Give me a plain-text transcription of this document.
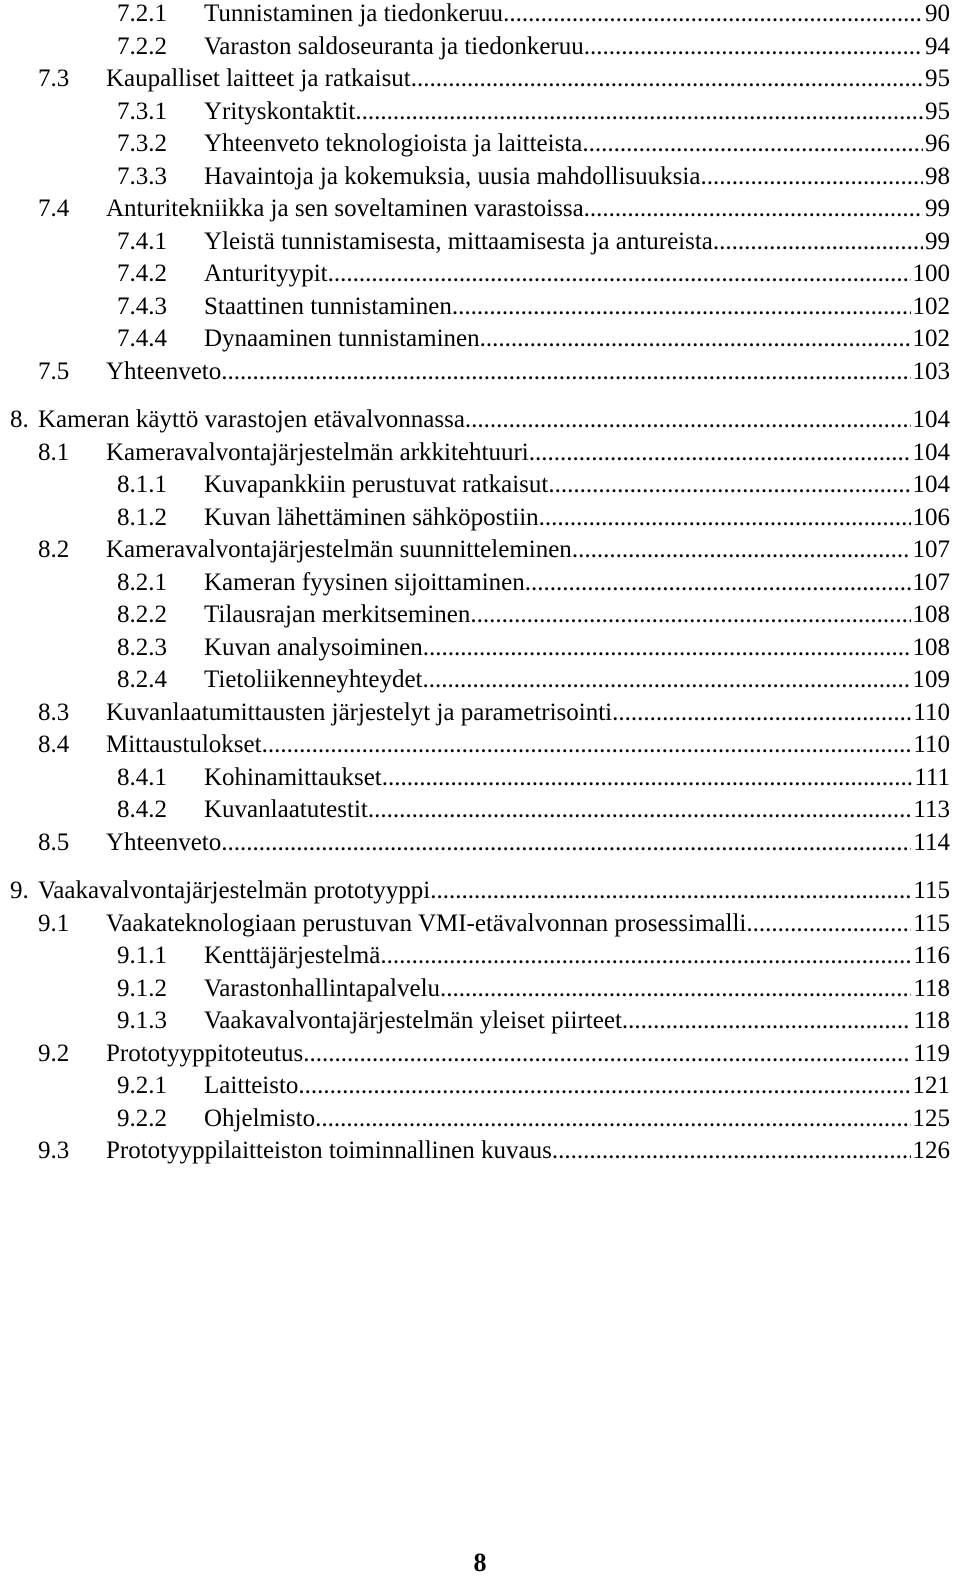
7.2.1 Tunnistaminen ja tiedonkeruu .....	90
7.2.2 Varaston saldoseuranta ja tiedonkeruu .....	94
7.3 Kaupalliset laitteet ja ratkaisut .....	95
7.3.1 Yrityskontaktit .....	95
7.3.2 Yhteenveto teknologioista ja laitteista .....	96
7.3.3 Havaintoja ja kokemuksia, uusia mahdollisuuksia .....	98
7.4 Anturitekniikka ja sen soveltaminen varastoissa .....	99
7.4.1 Yleistä tunnistamisesta, mittaamisesta ja antureista .....	99
7.4.2 Anturityypit .....	100
7.4.3 Staattinen tunnistaminen .....	102
7.4.4 Dynaaminen tunnistaminen .....	102
7.5 Yhteenveto .....	103
8. Kameran käyttö varastojen etävalvonnassa .....	104
8.1 Kameravalvontajärjestelmän arkkitehtuuri .....	104
8.1.1 Kuvapankkiin perustuvat ratkaisut .....	104
8.1.2 Kuvan lähettäminen sähköpostiin .....	106
8.2 Kameravalvontajärjestelmän suunnitteleminen .....	107
8.2.1 Kameran fyysinen sijoittaminen .....	107
8.2.2 Tilausrajan merkitseminen .....	108
8.2.3 Kuvan analysoiminen .....	108
8.2.4 Tietoliikenneyhteydet .....	109
8.3 Kuvanlaatumittausten järjestelyt ja parametrisointi .....	110
8.4 Mittaustulokset .....	110
8.4.1 Kohinamittaukset .....	111
8.4.2 Kuvanlaatutestit .....	113
8.5 Yhteenveto .....	114
9. Vaakavalvontajärjestelmän prototyyppi .....	115
9.1 Vaakateknologiaan perustuvan VMI-etävalvonnan prosessimalli .....	115
9.1.1 Kenttäjärjestelmä .....	116
9.1.2 Varastonhallintapalvelu .....	118
9.1.3 Vaakavalvontajärjestelmän yleiset piirteet .....	118
9.2 Prototyyppitoteutus .....	119
9.2.1 Laitteisto .....	121
9.2.2 Ohjelmisto .....	125
9.3 Prototyyppilaitteiston toiminnallinen kuvaus .....	126
8
